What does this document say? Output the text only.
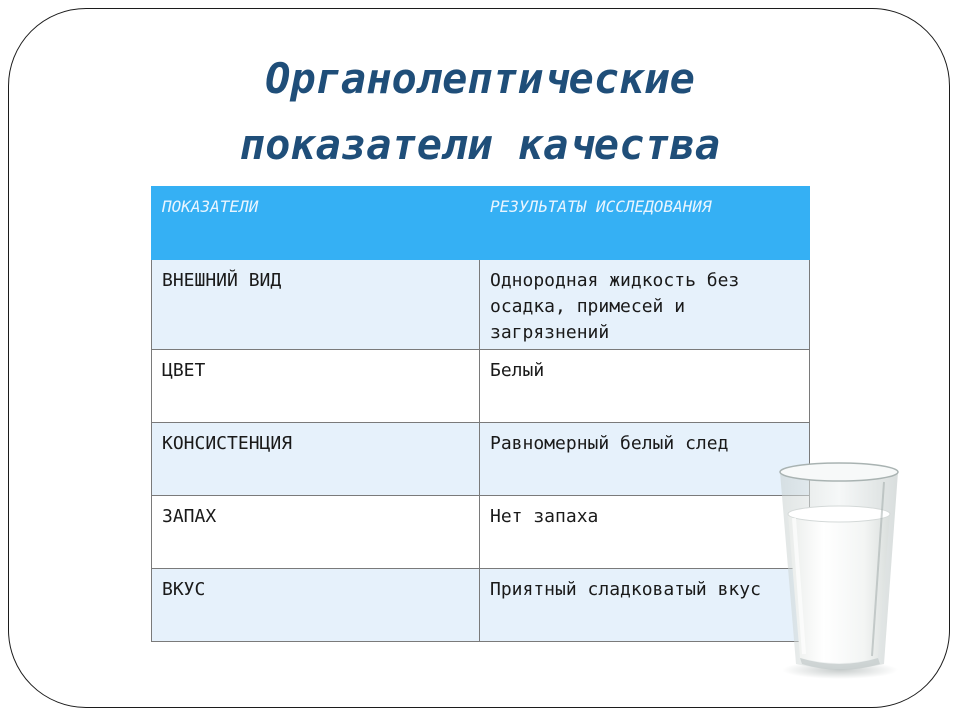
Органолептические
показатели качества
ПОКАЗАТЕЛИ	РЕЗУЛЬТАТЫ ИССЛЕДОВАНИЯ
ВНЕШНИЙ ВИД	Однородная жидкость без осадка, примесей и загрязнений
ЦВЕТ	Белый
КОНСИСТЕНЦИЯ	Равномерный белый след
ЗАПАХ	Нет запаха
ВКУС	Приятный сладковатый вкус
